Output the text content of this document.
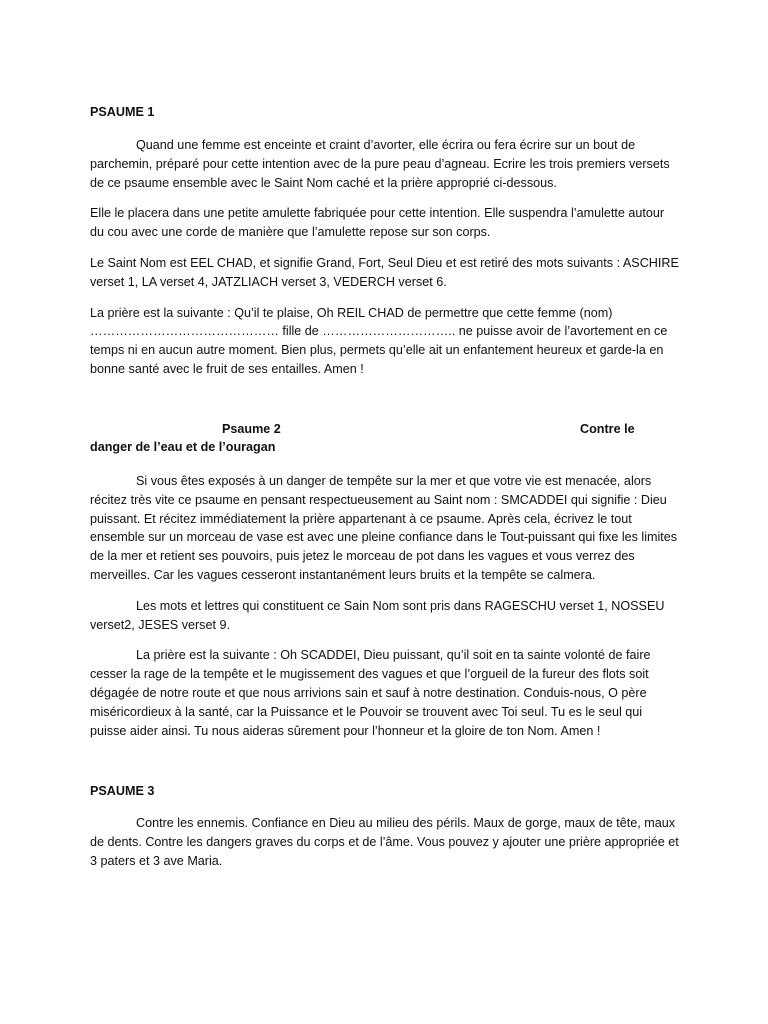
PSAUME 1

Quand une femme est enceinte et craint d’avorter, elle écrira ou fera écrire sur un bout de parchemin, préparé pour cette intention avec de la pure peau d’agneau. Ecrire les trois premiers versets de ce psaume ensemble avec le Saint Nom caché et la prière approprié ci-dessous.

Elle le placera dans une petite amulette fabriquée pour cette intention. Elle suspendra l’amulette autour du cou avec une corde de manière que l’amulette repose sur son corps.

Le Saint Nom est EEL CHAD, et signifie Grand, Fort, Seul Dieu et est retiré des mots suivants : ASCHIRE verset 1, LA verset 4, JATZLIACH verset 3, VEDERCH verset 6.

La prière est la suivante : Qu’il te plaise, Oh REIL CHAD de permettre que cette femme (nom) ……………………………………… fille de ………………………….. ne puisse avoir de l’avortement en ce temps ni en aucun autre moment. Bien plus, permets qu’elle ait un enfantement heureux et garde-la en bonne santé avec le fruit de ses entailles. Amen !

Psaume 2	Contre le
danger de l’eau et de l’ouragan

Si vous êtes exposés à un danger de tempête sur la mer et que votre vie est menacée, alors récitez très vite ce psaume en pensant respectueusement au Saint nom : SMCADDEI qui signifie : Dieu puissant. Et récitez immédiatement la prière appartenant à ce psaume. Après cela, écrivez le tout ensemble sur un morceau de vase est avec une pleine confiance dans le Tout-puissant qui fixe les limites de la mer et retient ses pouvoirs, puis jetez le morceau de pot dans les vagues et vous verrez des merveilles. Car les vagues cesseront instantanément leurs bruits et la tempête se calmera.

Les mots et lettres qui constituent ce Sain Nom sont pris dans RAGESCHU verset 1, NOSSEU verset2, JESES verset 9.

La prière est la suivante : Oh SCADDEI, Dieu puissant, qu’il soit en ta sainte volonté de faire cesser la rage de la tempête et le mugissement des vagues et que l’orgueil de la fureur des flots soit dégagée de notre route et que nous arrivions sain et sauf à notre destination. Conduis-nous, O père miséricordieux à la santé, car la Puissance et le Pouvoir se trouvent avec Toi seul. Tu es le seul qui puisse aider ainsi. Tu nous aideras sûrement pour l’honneur et la gloire de ton Nom. Amen !

PSAUME 3

Contre les ennemis. Confiance en Dieu au milieu des périls. Maux de gorge, maux de tête, maux de dents. Contre les dangers graves du corps et de l’âme. Vous pouvez y ajouter une prière appropriée et 3 paters et 3 ave Maria.
